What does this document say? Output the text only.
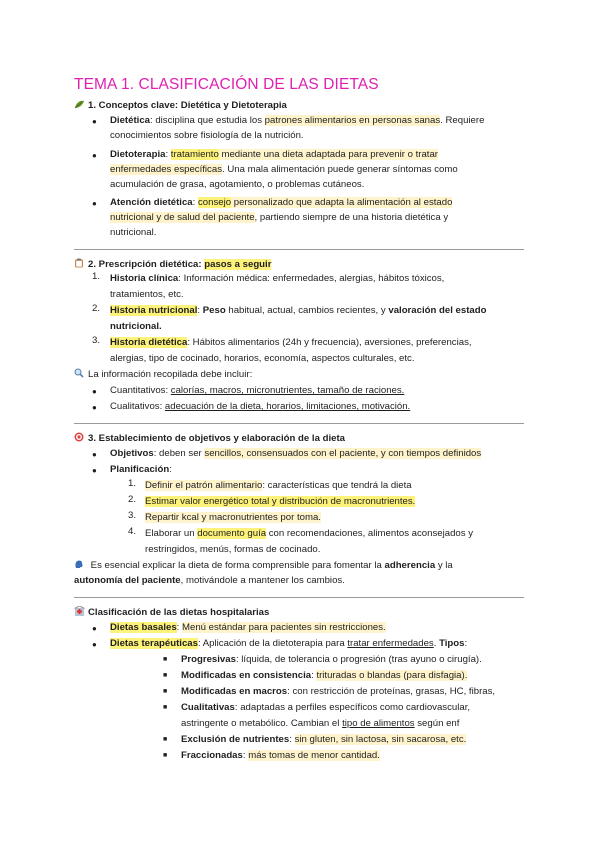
TEMA 1. CLASIFICACIÓN DE LAS DIETAS
1. Conceptos clave: Dietética y Dietoterapia
● Dietética: disciplina que estudia los patrones alimentarios en personas sanas. Requiere
conocimientos sobre fisiología de la nutrición.
● Dietoterapia: tratamiento mediante una dieta adaptada para prevenir o tratar
enfermedades específicas. Una mala alimentación puede generar síntomas como
acumulación de grasa, agotamiento, o problemas cutáneos.
● Atención dietética: consejo personalizado que adapta la alimentación al estado
nutricional y de salud del paciente, partiendo siempre de una historia dietética y
nutricional.
2. Prescripción dietética: pasos a seguir
1. Historia clínica: Información médica: enfermedades, alergias, hábitos tóxicos,
tratamientos, etc.
2. Historia nutricional: Peso habitual, actual, cambios recientes, y valoración del estado
nutricional.
3. Historia dietética: Hábitos alimentarios (24h y frecuencia), aversiones, preferencias,
alergias, tipo de cocinado, horarios, economía, aspectos culturales, etc.
La información recopilada debe incluir:
● Cuantitativos: calorías, macros, micronutrientes, tamaño de raciones.
● Cualitativos: adecuación de la dieta, horarios, limitaciones, motivación.
3. Establecimiento de objetivos y elaboración de la dieta
● Objetivos: deben ser sencillos, consensuados con el paciente, y con tiempos definidos
● Planificación:
1. Definir el patrón alimentario: características que tendrá la dieta
2. Estimar valor energético total y distribución de macronutrientes.
3. Repartir kcal y macronutrientes por toma.
4. Elaborar un documento guía con recomendaciones, alimentos aconsejados y
restringidos, menús, formas de cocinado.
Es esencial explicar la dieta de forma comprensible para fomentar la adherencia y la
autonomía del paciente, motivándole a mantener los cambios.
Clasificación de las dietas hospitalarias
● Dietas basales: Menú estándar para pacientes sin restricciones.
● Dietas terapéuticas: Aplicación de la dietoterapia para tratar enfermedades. Tipos:
■ Progresivas: líquida, de tolerancia o progresión (tras ayuno o cirugía).
■ Modificadas en consistencia: trituradas o blandas (para disfagia).
■ Modificadas en macros: con restricción de proteínas, grasas, HC, fibras,
■ Cualitativas: adaptadas a perfiles específicos como cardiovascular,
astringente o metabólico. Cambian el tipo de alimentos según enf
■ Exclusión de nutrientes: sin gluten, sin lactosa, sin sacarosa, etc.
■ Fraccionadas: más tomas de menor cantidad.
